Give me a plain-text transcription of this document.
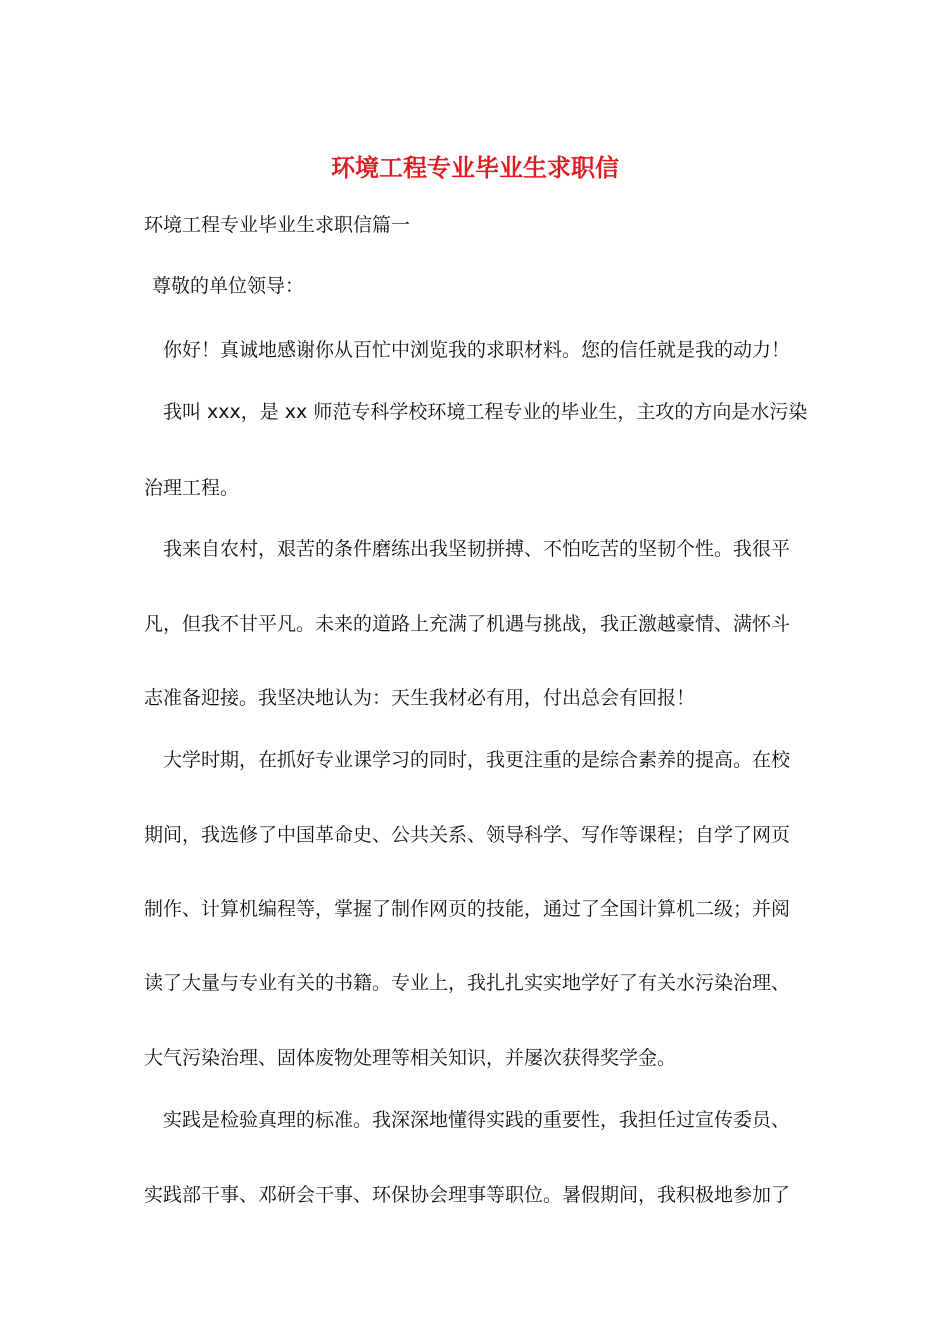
环境工程专业毕业生求职信
环境工程专业毕业生求职信篇一
尊敬的单位领导：
你好！真诚地感谢你从百忙中浏览我的求职材料。您的信任就是我的动力！
我叫 xxx，是 xx 师范专科学校环境工程专业的毕业生，主攻的方向是水污染
治理工程。
我来自农村，艰苦的条件磨练出我坚韧拼搏、不怕吃苦的坚韧个性。我很平
凡，但我不甘平凡。未来的道路上充满了机遇与挑战，我正激越豪情、满怀斗
志准备迎接。我坚决地认为：天生我材必有用，付出总会有回报！
大学时期，在抓好专业课学习的同时，我更注重的是综合素养的提高。在校
期间，我选修了中国革命史、公共关系、领导科学、写作等课程；自学了网页
制作、计算机编程等，掌握了制作网页的技能，通过了全国计算机二级；并阅
读了大量与专业有关的书籍。专业上，我扎扎实实地学好了有关水污染治理、
大气污染治理、固体废物处理等相关知识，并屡次获得奖学金。
实践是检验真理的标准。我深深地懂得实践的重要性，我担任过宣传委员、
实践部干事、邓研会干事、环保协会理事等职位。暑假期间，我积极地参加了
